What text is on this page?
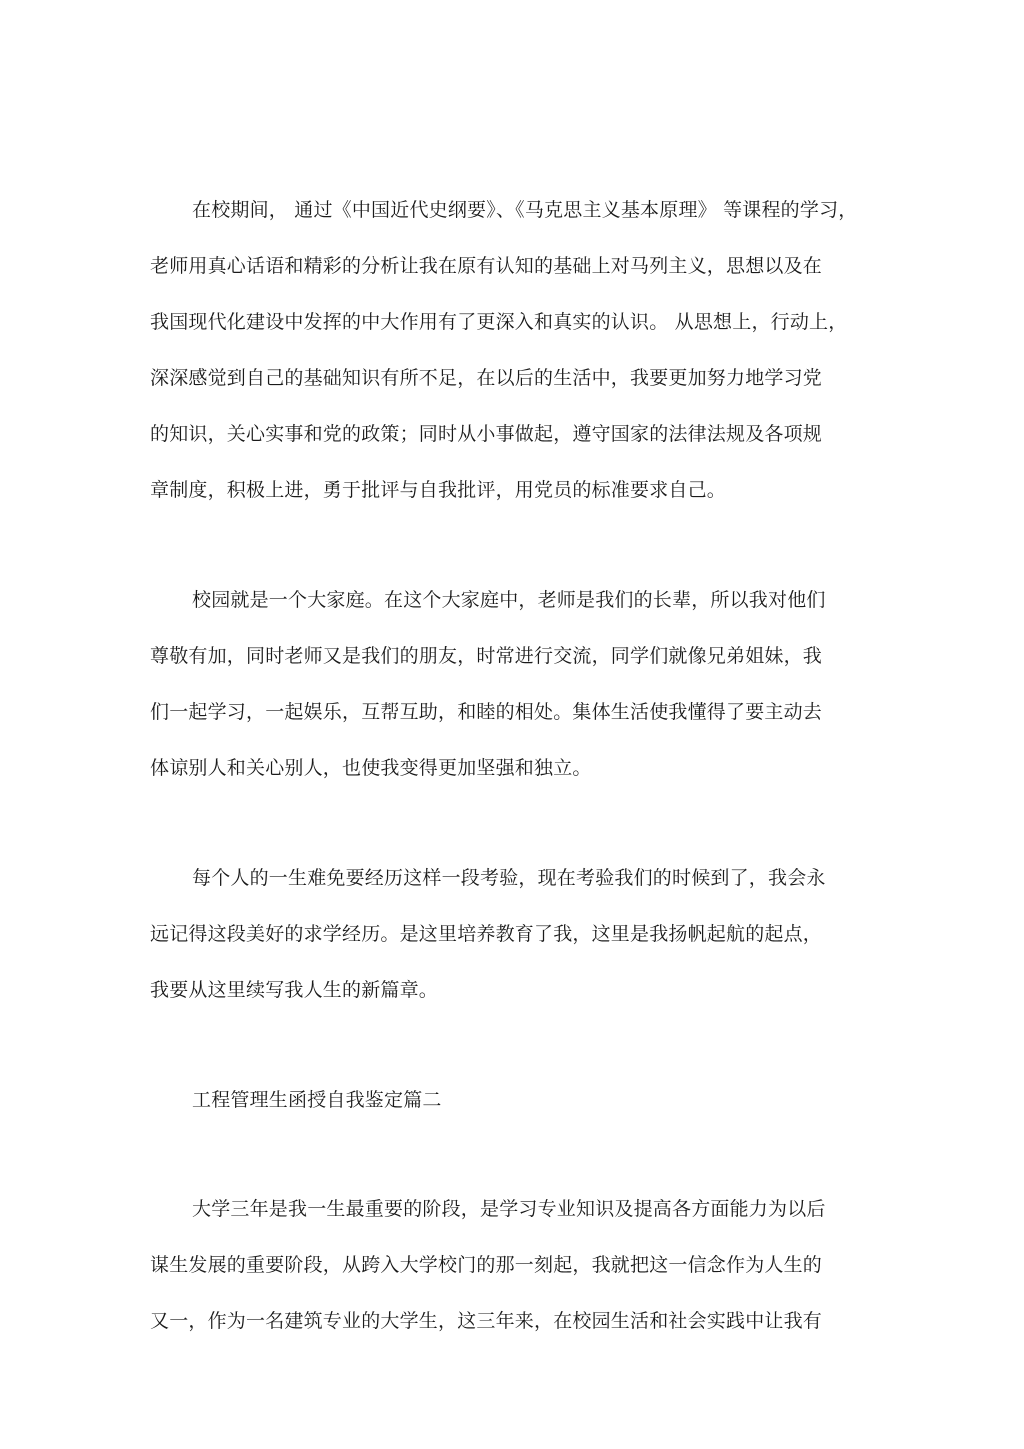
在校期间， 通过《中国近代史纲要》、《马克思主义基本原理》 等课程的学习，
老师用真心话语和精彩的分析让我在原有认知的基础上对马列主义，思想以及在
我国现代化建设中发挥的中大作用有了更深入和真实的认识。 从思想上，行动上，
深深感觉到自己的基础知识有所不足，在以后的生活中，我要更加努力地学习党
的知识，关心实事和党的政策；同时从小事做起，遵守国家的法律法规及各项规
章制度，积极上进，勇于批评与自我批评，用党员的标准要求自己。
校园就是一个大家庭。在这个大家庭中，老师是我们的长辈，所以我对他们
尊敬有加，同时老师又是我们的朋友，时常进行交流，同学们就像兄弟姐妹，我
们一起学习，一起娱乐，互帮互助，和睦的相处。集体生活使我懂得了要主动去
体谅别人和关心别人，也使我变得更加坚强和独立。
每个人的一生难免要经历这样一段考验，现在考验我们的时候到了，我会永
远记得这段美好的求学经历。是这里培养教育了我，这里是我扬帆起航的起点，
我要从这里续写我人生的新篇章。
工程管理生函授自我鉴定篇二
大学三年是我一生最重要的阶段，是学习专业知识及提高各方面能力为以后
谋生发展的重要阶段，从跨入大学校门的那一刻起，我就把这一信念作为人生的
又一，作为一名建筑专业的大学生，这三年来，在校园生活和社会实践中让我有
